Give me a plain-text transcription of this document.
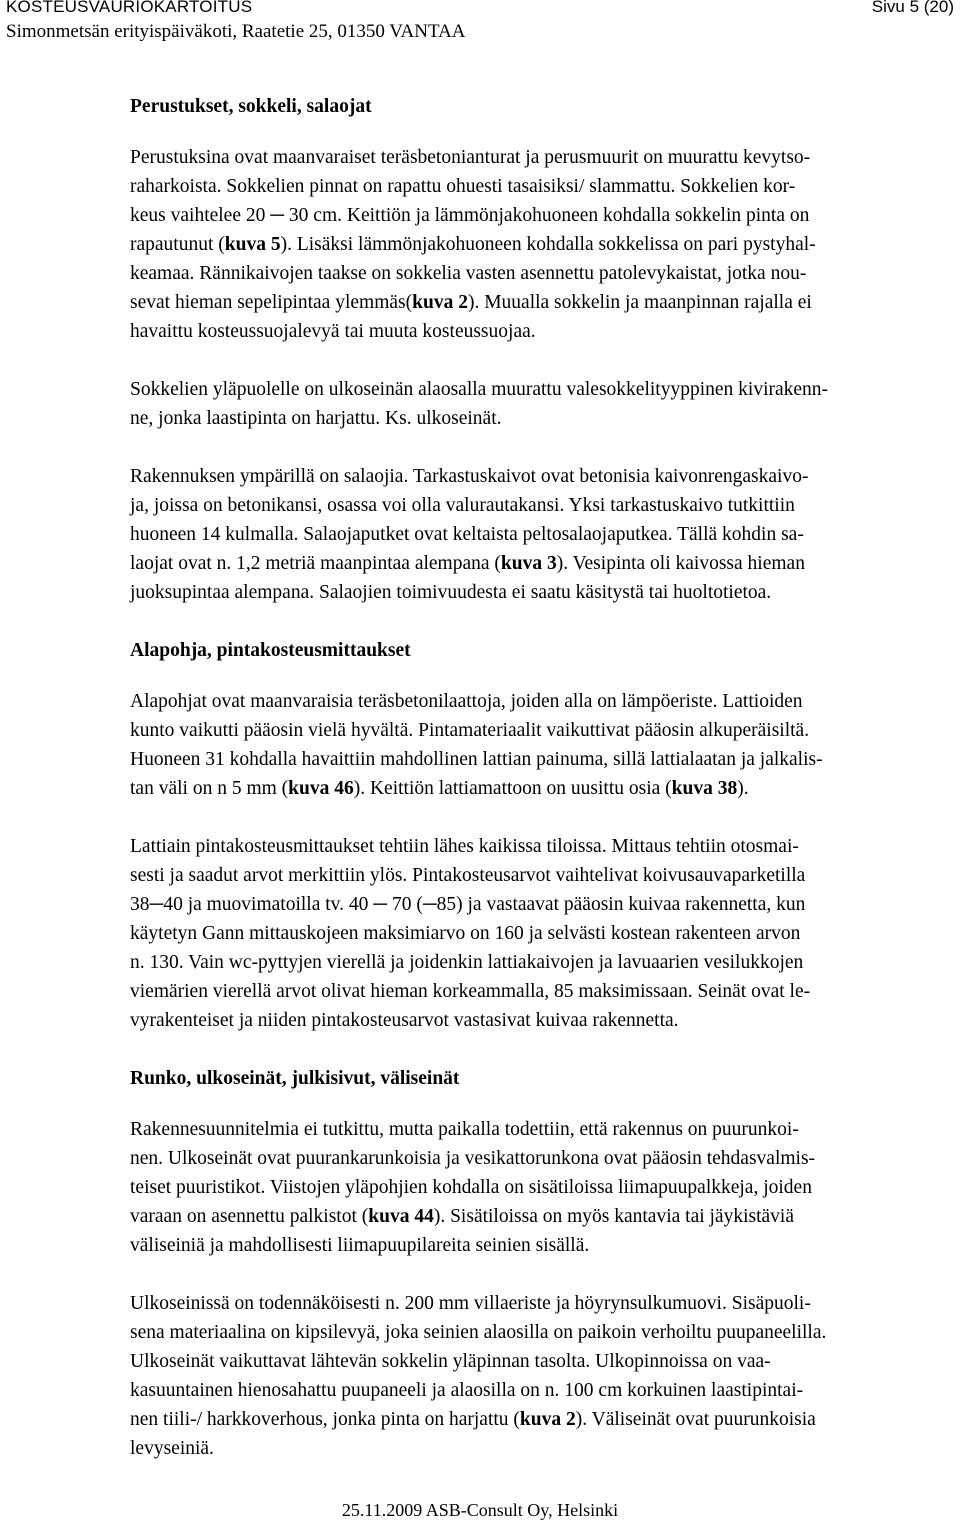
KOSTEUSVAURIOKARTOITUS	Sivu 5 (20)
Simonmetsän erityispäiväkoti, Raatetie 25, 01350 VANTAA
Perustukset, sokkeli, salaojat

Perustuksina ovat maanvaraiset teräsbetonianturat ja perusmuurit on muurattu kevytso-
raharkoista. Sokkelien pinnat on rapattu ohuesti tasaisiksi/ slammattu. Sokkelien kor-
keus vaihtelee 20 ─ 30 cm. Keittiön ja lämmönjakohuoneen kohdalla sokkelin pinta on
rapautunut (kuva 5). Lisäksi lämmönjakohuoneen kohdalla sokkelissa on pari pystyhal-
keamaa. Rännikaivojen taakse on sokkelia vasten asennettu patolevykaistat, jotka nou-
sevat hieman sepelipintaa ylemmäs(kuva 2). Muualla sokkelin ja maanpinnan rajalla ei
havaittu kosteussuojalevyä tai muuta kosteussuojaa.

Sokkelien yläpuolelle on ulkoseinän alaosalla muurattu valesokkelityyppinen kivirakenn-
ne, jonka laastipinta on harjattu. Ks. ulkoseinät.

Rakennuksen ympärillä on salaojia. Tarkastuskaivot ovat betonisia kaivonrengaskaivo-
ja, joissa on betonikansi, osassa voi olla valurautakansi. Yksi tarkastuskaivo tutkittiin
huoneen 14 kulmalla. Salaojaputket ovat keltaista peltosalaojaputkea. Tällä kohdin sa-
laojat ovat n. 1,2 metriä maanpintaa alempana (kuva 3). Vesipinta oli kaivossa hieman
juoksupintaa alempana. Salaojien toimivuudesta ei saatu käsitystä tai huoltotietoa.

Alapohja, pintakosteusmittaukset

Alapohjat ovat maanvaraisia teräsbetonilaattoja, joiden alla on lämpöeriste. Lattioiden
kunto vaikutti pääosin vielä hyvältä. Pintamateriaalit vaikuttivat pääosin alkuperäisiltä.
Huoneen 31 kohdalla havaittiin mahdollinen lattian painuma, sillä lattialaatan ja jalkalis-
tan väli on n 5 mm (kuva 46). Keittiön lattiamattoon on uusittu osia (kuva 38).

Lattiain pintakosteusmittaukset tehtiin lähes kaikissa tiloissa. Mittaus tehtiin otosmai-
sesti ja saadut arvot merkittiin ylös. Pintakosteusarvot vaihtelivat koivusauvaparketilla
38─40 ja muovimatoilla tv. 40 ─ 70 (─85) ja vastaavat pääosin kuivaa rakennetta, kun
käytetyn Gann mittauskojeen maksimiarvo on 160 ja selvästi kostean rakenteen arvon
n. 130. Vain wc-pyttyjen vierellä ja joidenkin lattiakaivojen ja lavuaarien vesilukkojen
viemärien vierellä arvot olivat hieman korkeammalla, 85 maksimissaan. Seinät ovat le-
vyrakenteiset ja niiden pintakosteusarvot vastasivat kuivaa rakennetta.

Runko, ulkoseinät, julkisivut, väliseinät

Rakennesuunnitelmia ei tutkittu, mutta paikalla todettiin, että rakennus on puurunkoi-
nen. Ulkoseinät ovat puurankarunkoisia ja vesikattorunkona ovat pääosin tehdasvalmis-
teiset puuristikot. Viistojen yläpohjien kohdalla on sisätiloissa liimapuupalkkeja, joiden
varaan on asennettu palkistot (kuva 44). Sisätiloissa on myös kantavia tai jäykistäviä
väliseiniä ja mahdollisesti liimapuupilareita seinien sisällä.

Ulkoseinissä on todennäköisesti n. 200 mm villaeriste ja höyrynsulkumuovi. Sisäpuoli-
sena materiaalina on kipsilevyä, joka seinien alaosilla on paikoin verhoiltu puupaneelilla.
Ulkoseinät vaikuttavat lähtevän sokkelin yläpinnan tasolta. Ulkopinnoissa on vaa-
kasuuntainen hienosahattu puupaneeli ja alaosilla on n. 100 cm korkuinen laastipintai-
nen tiili-/ harkkoverhous, jonka pinta on harjattu (kuva 2). Väliseinät ovat puurunkoisia
levyseiniä.

25.11.2009 ASB-Consult Oy, Helsinki
